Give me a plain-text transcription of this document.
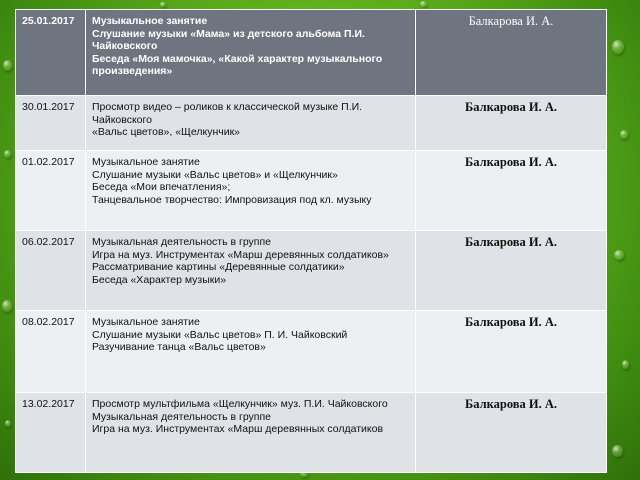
25.01.2017	Музыкальное занятие
Слушание музыки «Мама» из детского альбома П.И. Чайковского
Беседа «Моя мамочка», «Какой характер музыкального произведения»	Балкарова И. А.
30.01.2017	Просмотр видео – роликов к классической музыке П.И. Чайковского
«Вальс цветов», «Щелкунчик»	Балкарова И. А.
01.02.2017	Музыкальное занятие
Слушание музыки «Вальс цветов» и «Щелкунчик»
Беседа «Мои впечатления»;
Танцевальное творчество: Импровизация под кл. музыку	Балкарова И. А.
06.02.2017	Музыкальная деятельность в группе
Игра на муз. Инструментах «Марш деревянных солдатиков»
Рассматривание картины «Деревянные солдатики»
Беседа «Характер музыки»	Балкарова И. А.
08.02.2017	Музыкальное занятие
Слушание музыки «Вальс цветов» П. И. Чайковский
Разучивание танца «Вальс цветов»	Балкарова И. А.
13.02.2017	Просмотр мультфильма «Щелкунчик» муз. П.И. Чайковского
Музыкальная деятельность в группе
Игра на муз. Инструментах «Марш деревянных солдатиков	Балкарова И. А.
